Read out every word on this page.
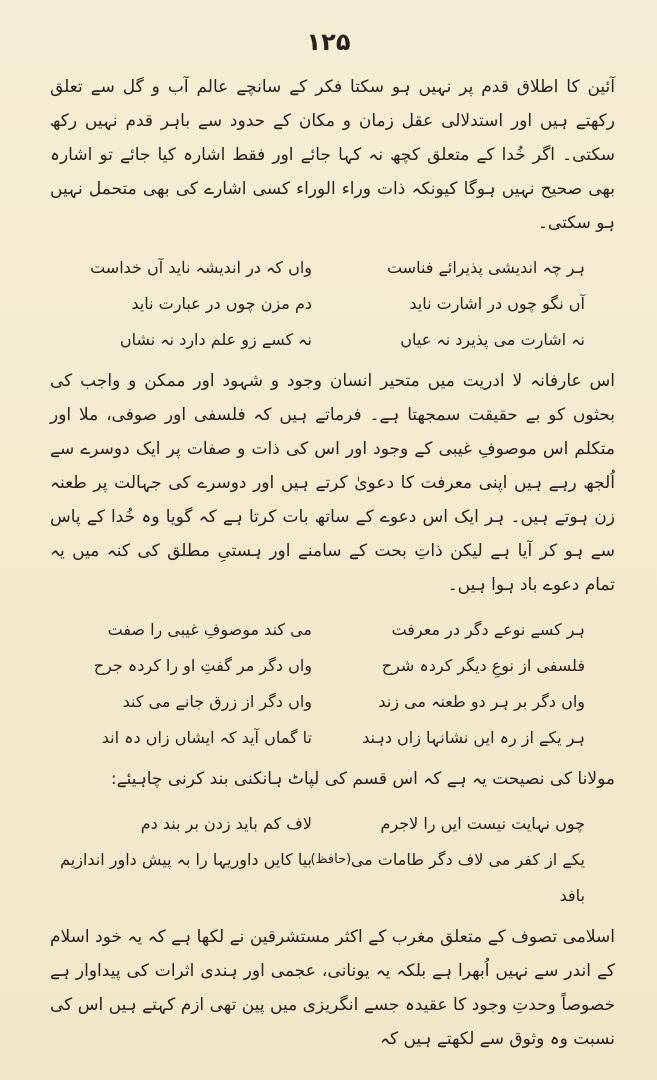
۱۲۵

آئین کا اطلاق قدم پر نہیں ہو سکتا فکر کے سانچے عالم آب و گل سے تعلق رکھتے ہیں اور استدلالی عقل زمان و مکان کے حدود سے باہر قدم نہیں رکھ سکتی۔ اگر خُدا کے متعلق کچھ نہ کہا جائے اور فقط اشارہ کیا جائے تو اشارہ بھی صحیح نہیں ہوگا کیونکہ ذات وراء الوراء کسی اشارے کی بھی متحمل نہیں ہو سکتی۔

ہر چہ اندیشی پذیرائے فناست
واں کہ در اندیشہ ناید آں خداست
آں نگو چوں در اشارت ناید
دم مزن چوں در عبارت ناید
نہ اشارت می پذیرد نہ عیاں
نہ کسے زو علم دارد نہ نشاں

اس عارفانہ لا ادریت میں متحیر انسان وجود و شہود اور ممکن و واجب کی بحثوں کو بے حقیقت سمجھتا ہے۔ فرماتے ہیں کہ فلسفی اور صوفی، ملا اور متکلم اس موصوفِ غیبی کے وجود اور اس کی ذات و صفات پر ایک دوسرے سے اُلجھ رہے ہیں اپنی معرفت کا دعویٰ کرتے ہیں اور دوسرے کی جہالت پر طعنہ زن ہوتے ہیں۔ ہر ایک اس دعوے کے ساتھ بات کرتا ہے کہ گویا وہ خُدا کے پاس سے ہو کر آیا ہے لیکن ذاتِ بحت کے سامنے اور ہستیِ مطلق کی کنہ میں یہ تمام دعوے باد ہوا ہیں۔

ہر کسے نوعے دگر در معرفت
می کند موصوفِ غیبی را صفت
فلسفی از نوعِ دیگر کردہ شرح
واں دگر مر گفتِ او را کردہ جرح
واں دگر بر ہر دو طعنہ می زند
واں دگر از زرق جانے می کند
ہر یکے از رہ ایں نشانہا زاں دہند
تا گماں آید کہ ایشاں زاں دہ اند

مولانا کی نصیحت یہ ہے کہ اس قسم کی لپاٹ ہانکنی بند کرنی چاہیئے:

چوں نہایت نیست ایں را لاجرم
لاف کم باید زدن بر بند دم
یکے از کفر می لاف دگر طامات می بافد
بیا کایں داوریہا را بہ پیش داور اندازیم
(حافظ)

اسلامی تصوف کے متعلق مغرب کے اکثر مستشرقین نے لکھا ہے کہ یہ خود اسلام کے اندر سے نہیں اُبھرا ہے بلکہ یہ یونانی، عجمی اور ہندی اثرات کی پیداوار ہے خصوصاً وحدتِ وجود کا عقیدہ جسے انگریزی میں پین تھی ازم کہتے ہیں اس کی نسبت وہ وثوق سے لکھتے ہیں کہ
